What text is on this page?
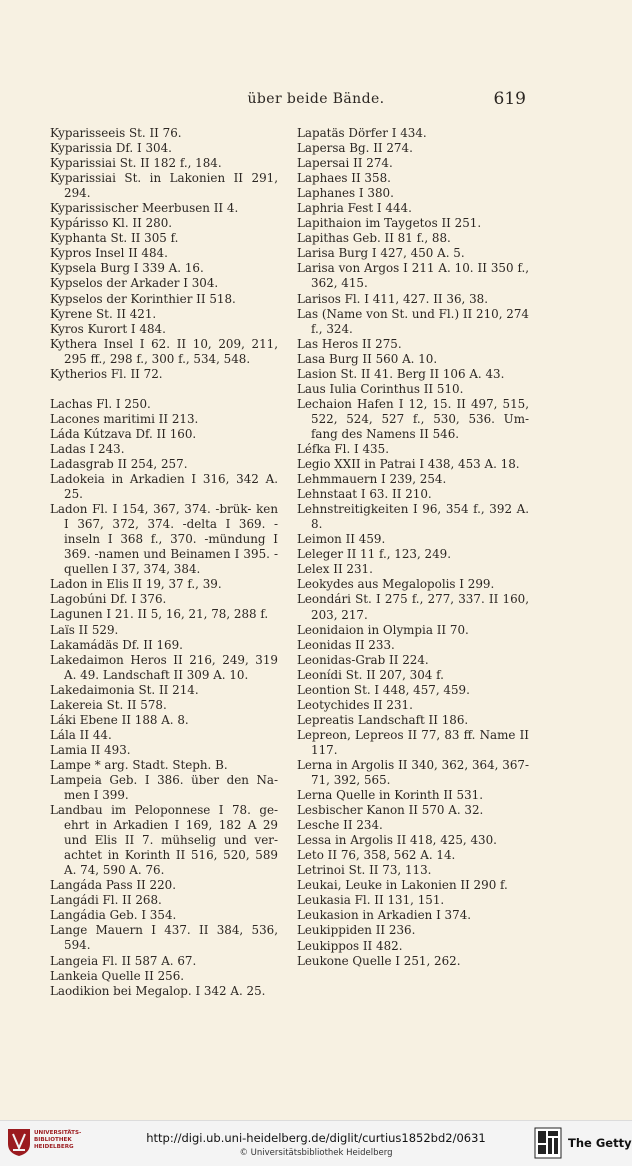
über beide Bände.	619
Kyparisseeis St. II 76.
Kyparissia Df. I 304.
Kyparissiai St. II 182 f., 184.
Kyparissiai St. in Lakonien II 291, 294.
Kyparissischer Meerbusen II 4.
Kypárisso Kl. II 280.
Kyphanta St. II 305 f.
Kypros Insel II 484.
Kypsela Burg I 339 A. 16.
Kypselos der Arkader I 304.
Kypselos der Korinthier II 518.
Kyrene St. II 421.
Kyros Kurort I 484.
Kythera Insel I 62. II 10, 209, 211, 295 ff., 298 f., 300 f., 534, 548.
Kytherios Fl. II 72.
Lachas Fl. I 250.
Lacones maritimi II 213.
Láda Kútzava Df. II 160.
Ladas I 243.
Ladasgrab II 254, 257.
Ladokeia in Arkadien I 316, 342 A. 25.
Ladon Fl. I 154, 367, 374. -brük- ken I 367, 372, 374. -delta I 369. -inseln I 368 f., 370. -mündung I 369. -namen und Beinamen I 395. -quellen I 37, 374, 384.
Ladon in Elis II 19, 37 f., 39.
Lagobúni Df. I 376.
Lagunen I 21. II 5, 16, 21, 78, 288 f.
Laïs II 529.
Lakamádäs Df. II 169.
Lakedaimon Heros II 216, 249, 319 A. 49. Landschaft II 309 A. 10.
Lakedaimonia St. II 214.
Lakereia St. II 578.
Láki Ebene II 188 A. 8.
Lála II 44.
Lamia II 493.
Lampe * arg. Stadt. Steph. B.
Lampeia Geb. I 386. über den Na- men I 399.
Landbau im Peloponnese I 78. ge- ehrt in Arkadien I 169, 182 A 29 und Elis II 7. mühselig und ver- achtet in Korinth II 516, 520, 589 A. 74, 590 A. 76.
Langáda Pass II 220.
Langádi Fl. II 268.
Langádia Geb. I 354.
Lange Mauern I 437. II 384, 536, 594.
Langeia Fl. II 587 A. 67.
Lankeia Quelle II 256.
Laodikion bei Megalop. I 342 A. 25.
Lapatäs Dörfer I 434.
Lapersa Bg. II 274.
Lapersai II 274.
Laphaes II 358.
Laphanes I 380.
Laphria Fest I 444.
Lapithaion im Taygetos II 251.
Lapithas Geb. II 81 f., 88.
Larisa Burg I 427, 450 A. 5.
Larisa von Argos I 211 A. 10. II 350 f., 362, 415.
Larisos Fl. I 411, 427. II 36, 38.
Las (Name von St. und Fl.) II 210, 274 f., 324.
Las Heros II 275.
Lasa Burg II 560 A. 10.
Lasion St. II 41. Berg II 106 A. 43.
Laus Iulia Corinthus II 510.
Lechaion Hafen I 12, 15. II 497, 515, 522, 524, 527 f., 530, 536. Um- fang des Namens II 546.
Léfka Fl. I 435.
Legio XXII in Patrai I 438, 453 A. 18.
Lehmmauern I 239, 254.
Lehnstaat I 63. II 210.
Lehnstreitigkeiten I 96, 354 f., 392 A. 8.
Leimon II 459.
Leleger II 11 f., 123, 249.
Lelex II 231.
Leokydes aus Megalopolis I 299.
Leondári St. I 275 f., 277, 337. II 160, 203, 217.
Leonidaion in Olympia II 70.
Leonidas II 233.
Leonidas-Grab II 224.
Leonídi St. II 207, 304 f.
Leontion St. I 448, 457, 459.
Leotychides II 231.
Lepreatis Landschaft II 186.
Lepreon, Lepreos II 77, 83 ff. Name II 117.
Lerna in Argolis II 340, 362, 364, 367-71, 392, 565.
Lerna Quelle in Korinth II 531.
Lesbischer Kanon II 570 A. 32.
Lesche II 234.
Lessa in Argolis II 418, 425, 430.
Leto II 76, 358, 562 A. 14.
Letrinoi St. II 73, 113.
Leukai, Leuke in Lakonien II 290 f.
Leukasia Fl. II 131, 151.
Leukasion in Arkadien I 374.
Leukippiden II 236.
Leukippos II 482.
Leukone Quelle I 251, 262.
UNIVERSITÄTS-
BIBLIOTHEK
HEIDELBERG
http://digi.ub.uni-heidelberg.de/diglit/curtius1852bd2/0631
© Universitätsbibliothek Heidelberg
The Getty
